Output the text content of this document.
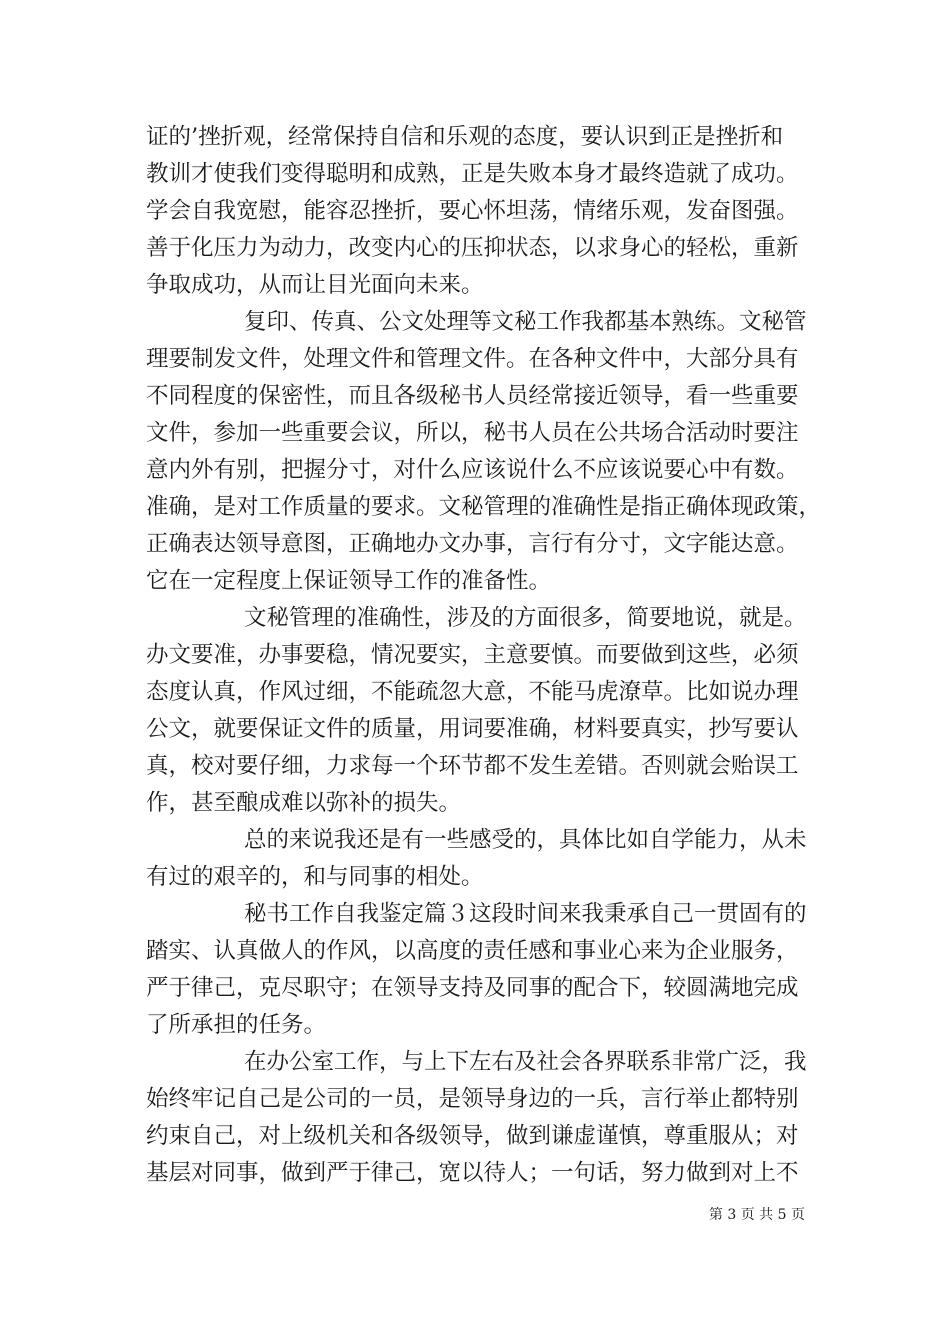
证的’挫折观，经常保持自信和乐观的态度，要认识到正是挫折和

教训才使我们变得聪明和成熟，正是失败本身才最终造就了成功。

学会自我宽慰，能容忍挫折，要心怀坦荡，情绪乐观，发奋图强。

善于化压力为动力，改变内心的压抑状态，以求身心的轻松，重新

争取成功，从而让目光面向未来。

复印、传真、公文处理等文秘工作我都基本熟练。文秘管

理要制发文件，处理文件和管理文件。在各种文件中，大部分具有

不同程度的保密性，而且各级秘书人员经常接近领导，看一些重要

文件，参加一些重要会议，所以，秘书人员在公共场合活动时要注

意内外有别，把握分寸，对什么应该说什么不应该说要心中有数。

准确，是对工作质量的要求。文秘管理的准确性是指正确体现政策，

正确表达领导意图，正确地办文办事，言行有分寸，文字能达意。

它在一定程度上保证领导工作的准备性。

文秘管理的准确性，涉及的方面很多，简要地说，就是。

办文要准，办事要稳，情况要实，主意要慎。而要做到这些，必须

态度认真，作风过细，不能疏忽大意，不能马虎潦草。比如说办理

公文，就要保证文件的质量，用词要准确，材料要真实，抄写要认

真，校对要仔细，力求每一个环节都不发生差错。否则就会贻误工

作，甚至酿成难以弥补的损失。

总的来说我还是有一些感受的，具体比如自学能力，从未

有过的艰辛的，和与同事的相处。

秘书工作自我鉴定篇３这段时间来我秉承自己一贯固有的

踏实、认真做人的作风，以高度的责任感和事业心来为企业服务，

严于律己，克尽职守；在领导支持及同事的配合下，较圆满地完成

了所承担的任务。

在办公室工作，与上下左右及社会各界联系非常广泛，我

始终牢记自己是公司的一员，是领导身边的一兵，言行举止都特别

约束自己，对上级机关和各级领导，做到谦虚谨慎，尊重服从；对

基层对同事，做到严于律己，宽以待人；一句话，努力做到对上不

第 3 页 共 5 页
